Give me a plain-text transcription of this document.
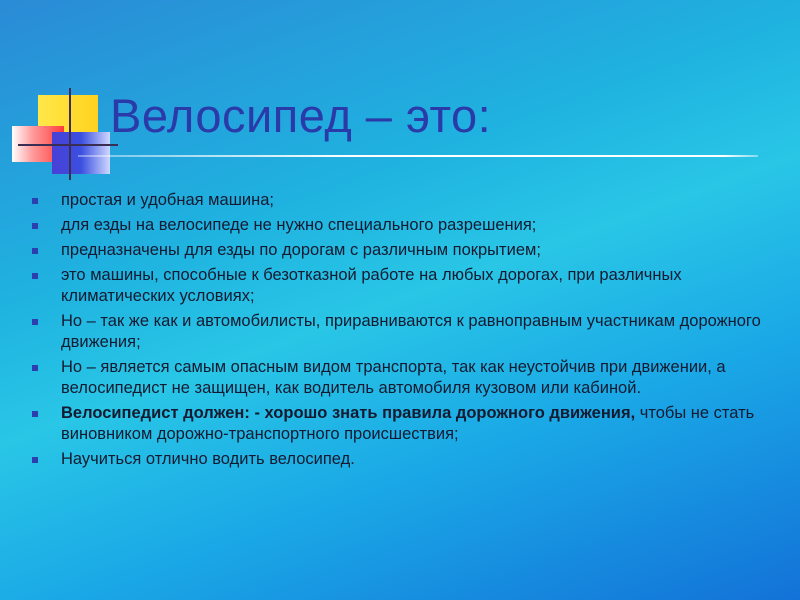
Велосипед – это:
простая и удобная машина;
для езды на велосипеде не нужно специального разрешения;
предназначены для езды по дорогам с различным покрытием;
это машины, способные к безотказной работе на любых дорогах, при различных климатических условиях;
Но – так же как и автомобилисты, приравниваются к равноправным участникам дорожного движения;
Но – является самым опасным видом транспорта, так как неустойчив при движении, а велосипедист не защищен, как водитель автомобиля кузовом или кабиной.
Велосипедист должен: - хорошо знать правила дорожного движения, чтобы не стать виновником дорожно-транспортного происшествия;
Научиться отлично водить велосипед.
